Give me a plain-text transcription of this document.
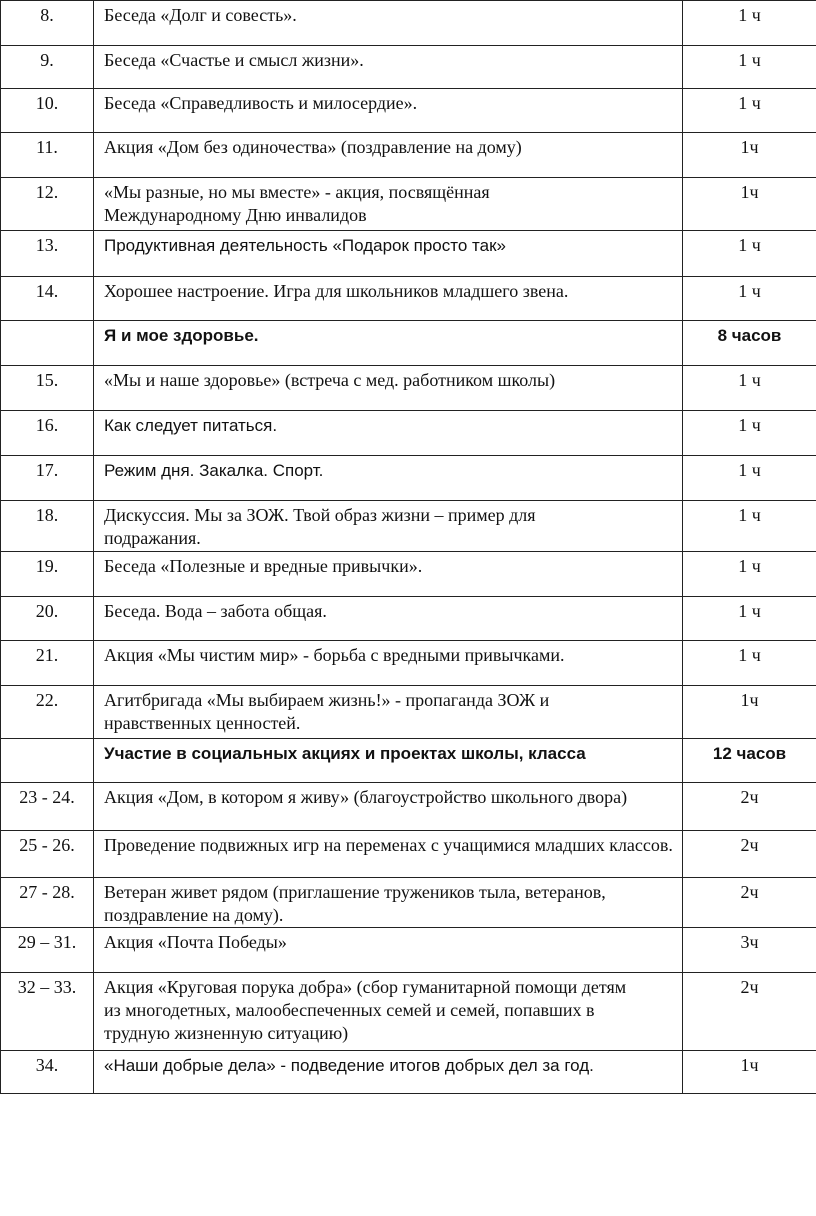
8.	Беседа «Долг и совесть».	1 ч
9.	Беседа «Счастье и смысл жизни».	1 ч
10.	Беседа «Справедливость и милосердие».	1 ч
11.	Акция «Дом без одиночества» (поздравление на дому)	1ч
12.	«Мы разные, но мы вместе» - акция, посвящённая Международному Дню инвалидов	1ч
13.	Продуктивная деятельность «Подарок просто так»	1 ч
14.	Хорошее настроение. Игра для школьников младшего звена.	1 ч
	Я и мое здоровье.	8 часов
15.	«Мы и наше здоровье» (встреча с мед. работником школы)	1 ч
16.	Как следует питаться.	1 ч
17.	Режим дня. Закалка. Спорт.	1 ч
18.	Дискуссия. Мы за ЗОЖ. Твой образ жизни – пример для подражания.	1 ч
19.	Беседа «Полезные и вредные привычки».	1 ч
20.	Беседа. Вода – забота общая.	1 ч
21.	Акция «Мы чистим мир» - борьба с вредными привычками.	1 ч
22.	Агитбригада «Мы выбираем жизнь!» - пропаганда ЗОЖ и нравственных ценностей.	1ч
	Участие в социальных акциях и проектах школы, класса	12 часов
23 - 24.	Акция «Дом, в котором я живу» (благоустройство школьного двора)	2ч
25 - 26.	Проведение подвижных игр на переменах с учащимися младших классов.	2ч
27 - 28.	Ветеран живет рядом (приглашение тружеников тыла, ветеранов, поздравление на дому).	2ч
29 – 31.	Акция «Почта Победы»	3ч
32 – 33.	Акция «Круговая порука добра» (сбор гуманитарной помощи детям из многодетных, малообеспеченных семей и семей, попавших в трудную жизненную ситуацию)	2ч
34.	«Наши добрые дела» - подведение итогов добрых дел за год.	1ч
